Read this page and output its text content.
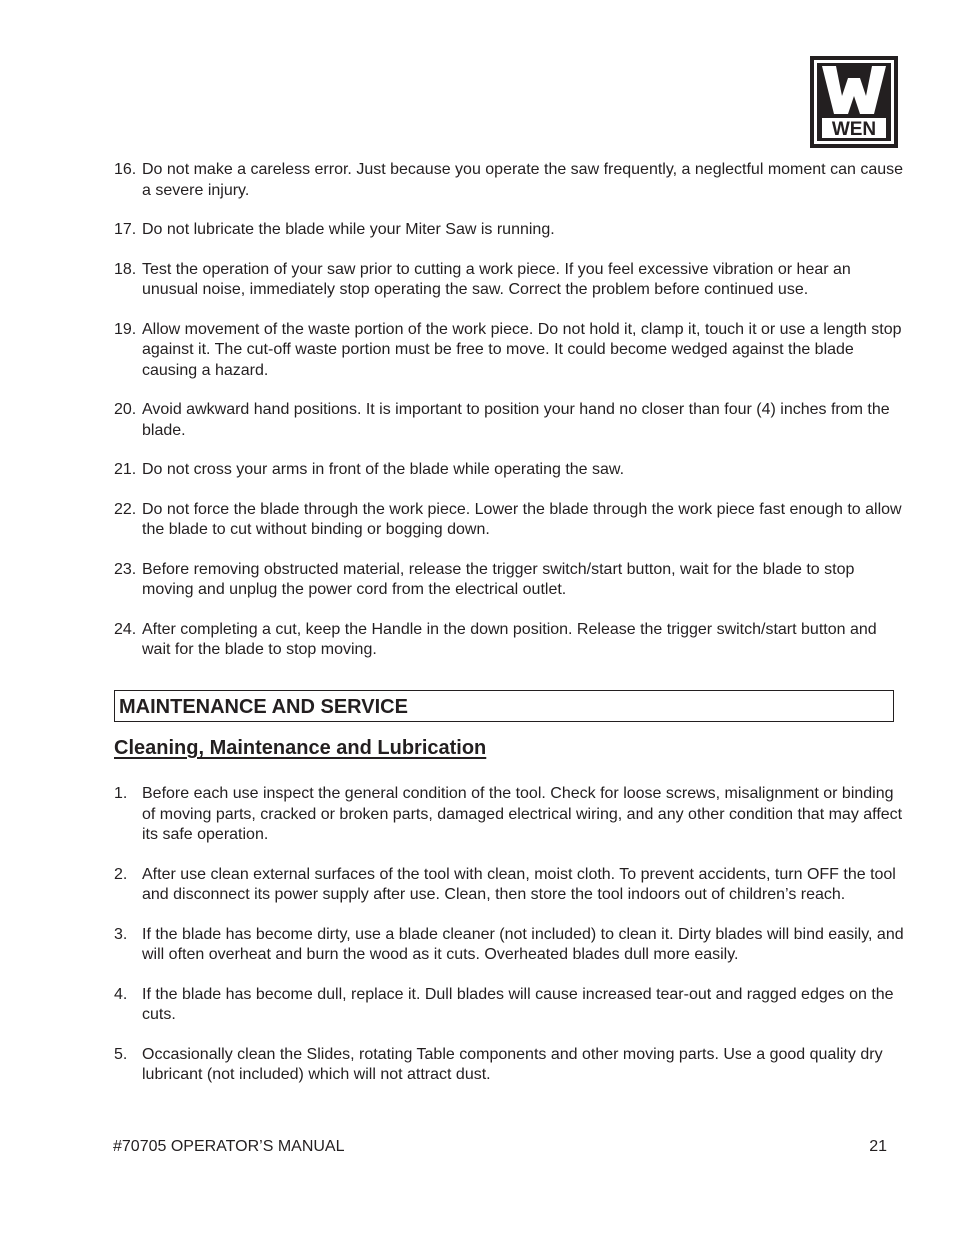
WEN
16. Do not make a careless error. Just because you operate the saw frequently, a neglectful moment can cause a severe injury.
17. Do not lubricate the blade while your Miter Saw is running.
18. Test the operation of your saw prior to cutting a work piece. If you feel excessive vibration or hear an unusual noise, immediately stop operating the saw. Correct the problem before continued use.
19. Allow movement of the waste portion of the work piece. Do not hold it, clamp it, touch it or use a length stop against it. The cut-off waste portion must be free to move. It could become wedged against the blade causing a hazard.
20. Avoid awkward hand positions. It is important to position your hand no closer than four (4) inches from the blade.
21. Do not cross your arms in front of the blade while operating the saw.
22. Do not force the blade through the work piece. Lower the blade through the work piece fast enough to allow the blade to cut without binding or bogging down.
23. Before removing obstructed material, release the trigger switch/start button, wait for the blade to stop moving and unplug the power cord from the electrical outlet.
24. After completing a cut, keep the Handle in the down position. Release the trigger switch/start button and wait for the blade to stop moving.
MAINTENANCE AND SERVICE
Cleaning, Maintenance and Lubrication
1. Before each use inspect the general condition of the tool. Check for loose screws, misalignment or binding of moving parts, cracked or broken parts, damaged electrical wiring, and any other condition that may affect its safe operation.
2. After use clean external surfaces of the tool with clean, moist cloth. To prevent accidents, turn OFF the tool and disconnect its power supply after use. Clean, then store the tool indoors out of children’s reach.
3. If the blade has become dirty, use a blade cleaner (not included) to clean it. Dirty blades will bind easily, and will often overheat and burn the wood as it cuts. Overheated blades dull more easily.
4. If the blade has become dull, replace it. Dull blades will cause increased tear-out and ragged edges on the cuts.
5. Occasionally clean the Slides, rotating Table components and other moving parts. Use a good quality dry lubricant (not included) which will not attract dust.
#70705 OPERATOR’S MANUAL	21
